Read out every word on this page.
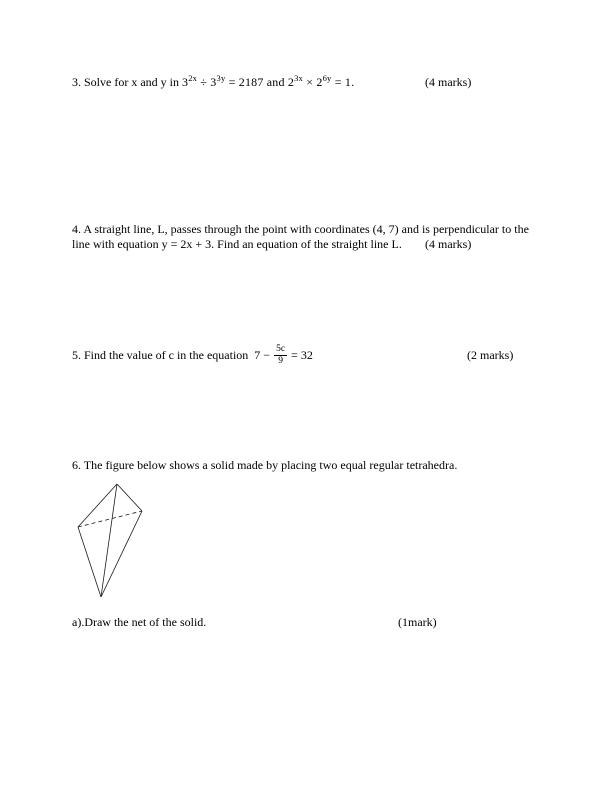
3. Solve for x and y in $3^{2x} \div 3^{3y} = 2187$ and $2^{3x} \times 2^{6y} = 1$.	(4 marks)
4. A straight line, L, passes through the point with coordinates (4, 7) and is perpendicular to the
line with equation y = 2x + 3. Find an equation of the straight line L.	(4 marks)
5. Find the value of c in the equation $7 - \frac{5c}{9} = 32$	(2 marks)
6. The figure below shows a solid made by placing two equal regular tetrahedra.
a).Draw the net of the solid.	(1mark)
